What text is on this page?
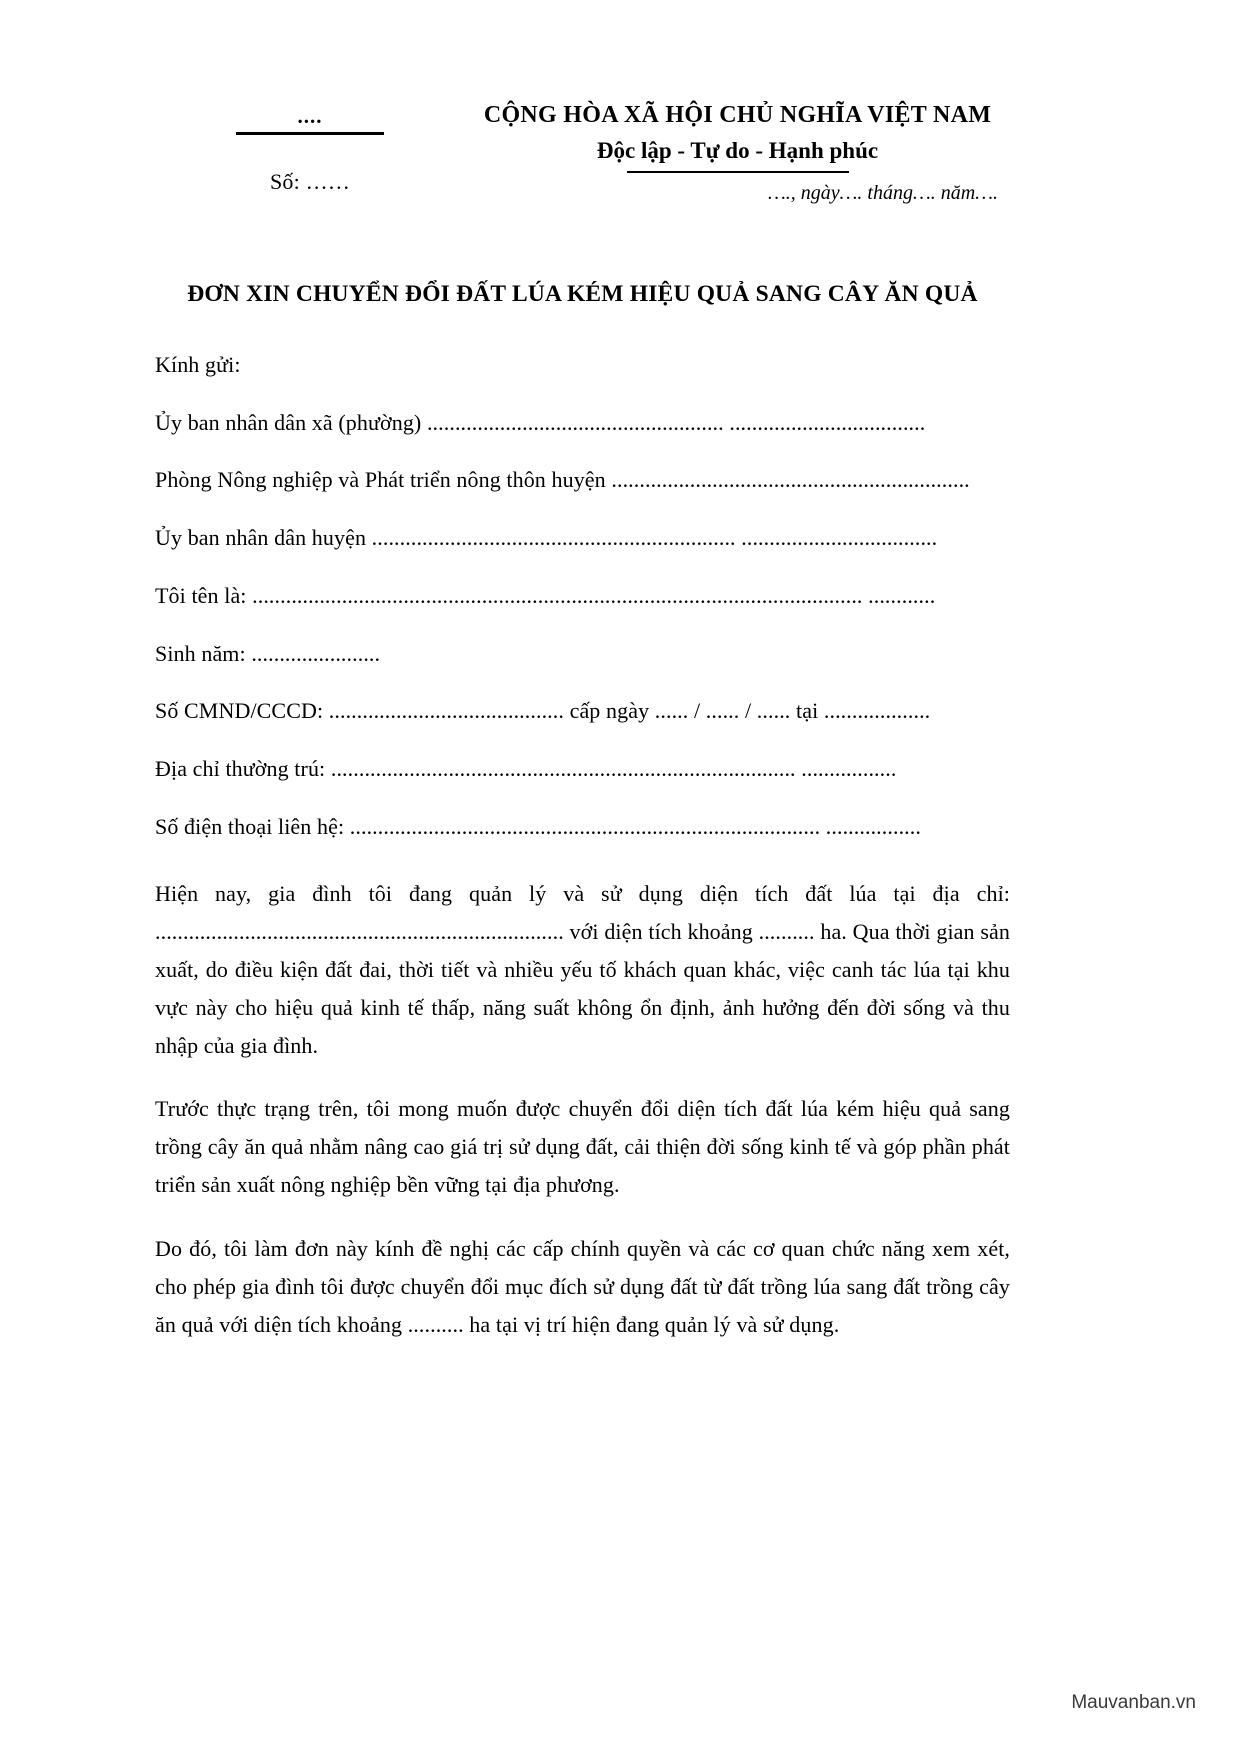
....
Số: ……
CỘNG HÒA XÃ HỘI CHỦ NGHĨA VIỆT NAM
Độc lập - Tự do - Hạnh phúc
…., ngày…. tháng…. năm….
ĐƠN XIN CHUYỂN ĐỔI ĐẤT LÚA KÉM HIỆU QUẢ SANG CÂY ĂN QUẢ
Kính gửi:
Ủy ban nhân dân xã (phường) ..................................................... ...................................
Phòng Nông nghiệp và Phát triển nông thôn huyện ................................................................
Ủy ban nhân dân huyện ................................................................. ...................................
Tôi tên là: ............................................................................................................. ............
Sinh năm: .......................
Số CMND/CCCD: .......................................... cấp ngày ...... / ...... / ...... tại ...................
Địa chỉ thường trú: ................................................................................... .................
Số điện thoại liên hệ: .................................................................................... .................
Hiện nay, gia đình tôi đang quản lý và sử dụng diện tích đất lúa tại địa chỉ: ......................................................................... với diện tích khoảng .......... ha. Qua thời gian sản xuất, do điều kiện đất đai, thời tiết và nhiều yếu tố khách quan khác, việc canh tác lúa tại khu vực này cho hiệu quả kinh tế thấp, năng suất không ổn định, ảnh hưởng đến đời sống và thu nhập của gia đình.
Trước thực trạng trên, tôi mong muốn được chuyển đổi diện tích đất lúa kém hiệu quả sang trồng cây ăn quả nhằm nâng cao giá trị sử dụng đất, cải thiện đời sống kinh tế và góp phần phát triển sản xuất nông nghiệp bền vững tại địa phương.
Do đó, tôi làm đơn này kính đề nghị các cấp chính quyền và các cơ quan chức năng xem xét, cho phép gia đình tôi được chuyển đổi mục đích sử dụng đất từ đất trồng lúa sang đất trồng cây ăn quả với diện tích khoảng .......... ha tại vị trí hiện đang quản lý và sử dụng.
Mauvanban.vn
